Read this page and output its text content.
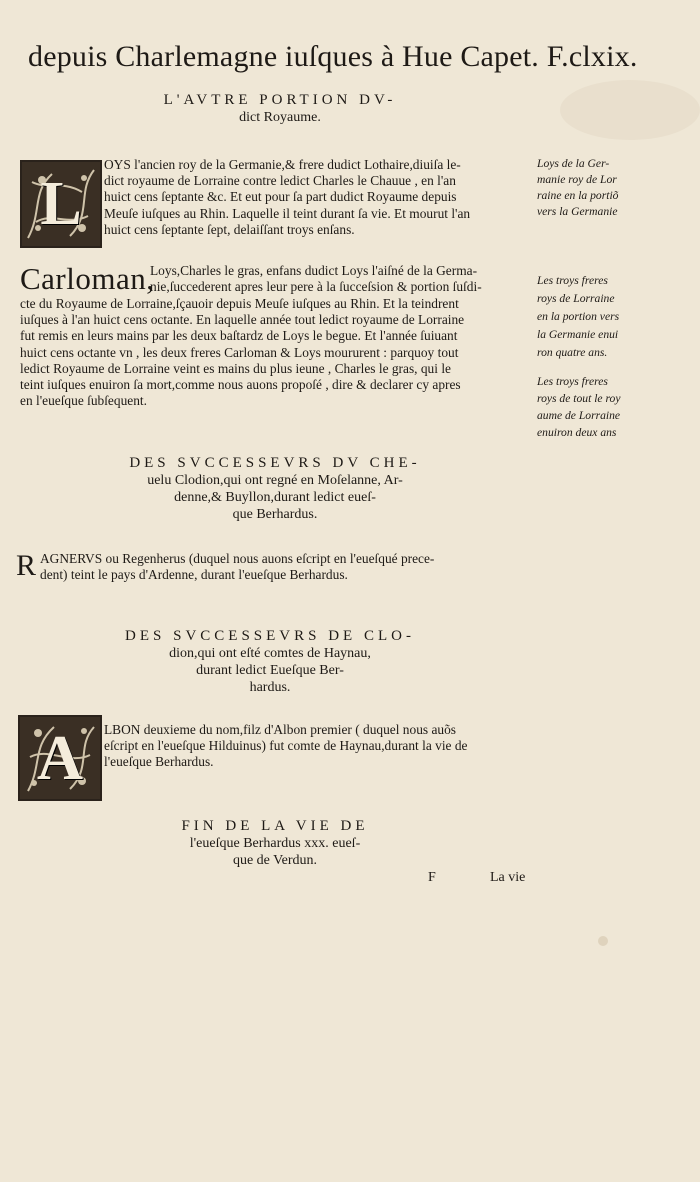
depuis Charlemagne iuſques à Hue Capet. F.clxix.
L'AVTRE PORTION DV-
dict Royaume.
L
OYS l'ancien roy de la Germanie,& frere dudict Lothaire,diuiſa le-
dict royaume de Lorraine contre ledict Charles le Chauue , en l'an
huict cens ſeptante &c. Et eut pour ſa part dudict Royaume depuis
Meuſe iuſques au Rhin. Laquelle il teint durant ſa vie. Et mourut l'an
huict cens ſeptante ſept, delaiſſant troys enſans.
Loys de la Ger-
manie roy de Lor
raine en la portiõ
vers la Germanie
Carloman,
Loys,Charles le gras, enfans dudict Loys l'aiſné de la Germa-
nie,ſuccederent apres leur pere à la ſucceſsion & portion ſuſdi-
cte du Royaume de Lorraine,ſçauoir depuis Meuſe iuſques au Rhin. Et la teindrent
iuſques à l'an huict cens octante. En laquelle année tout ledict royaume de Lorraine
fut remis en leurs mains par les deux baſtardz de Loys le begue. Et l'année ſuiuant
huict cens octante vn , les deux freres Carloman & Loys moururent : parquoy tout
ledict Royaume de Lorraine veint es mains du plus ieune , Charles le gras, qui le
teint iuſques enuiron ſa mort,comme nous auons propoſé , dire & declarer cy apres
en l'eueſque ſubſequent.
Les troys freres
roys de Lorraine
en la portion vers
la Germanie enui
ron quatre ans.
Les troys freres
roys de tout le roy
aume de Lorraine
enuiron deux ans
DES SVCCESSEVRS DV CHE-
uelu Clodion,qui ont regné en Moſelanne, Ar-
denne,& Buyllon,durant ledict eueſ-
que Berhardus.
R AGNERVS ou Regenherus (duquel nous auons eſcript en l'eueſqué prece-
dent) teint le pays d'Ardenne, durant l'eueſque Berhardus.
DES SVCCESSEVRS DE CLO-
dion,qui ont eſté comtes de Haynau,
durant ledict Eueſque Ber-
hardus.
A LBON deuxieme du nom,filz d'Albon premier ( duquel nous auõs
eſcript en l'eueſque Hilduinus) fut comte de Haynau,durant la vie de
l'eueſque Berhardus.
FIN DE LA VIE DE
l'eueſque Berhardus xxx. eueſ-
que de Verdun.
F	La vie
